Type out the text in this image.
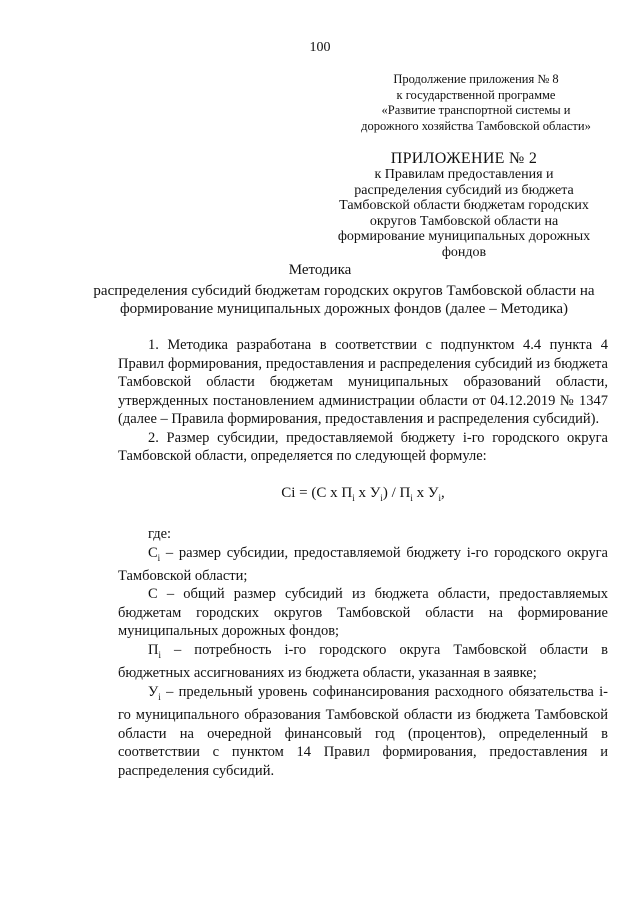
100
Продолжение приложения № 8
к государственной программе
«Развитие транспортной системы и
дорожного хозяйства Тамбовской области»
ПРИЛОЖЕНИЕ № 2
к Правилам предоставления и
распределения субсидий из бюджета
Тамбовской области бюджетам городских
округов Тамбовской области на
формирование муниципальных дорожных
фондов
Методика
распределения субсидий бюджетам городских округов Тамбовской области на
формирование муниципальных дорожных фондов (далее – Методика)

1. Методика разработана в соответствии с подпунктом 4.4 пункта 4 Правил формирования, предоставления и распределения субсидий из бюджета Тамбовской области бюджетам муниципальных образований области, утвержденных постановлением администрации области от 04.12.2019 № 1347 (далее – Правила формирования, предоставления и распределения субсидий).

2. Размер субсидии, предоставляемой бюджету i-го городского округа Тамбовской области, определяется по следующей формуле:

Ci = (C x $П_i$ x $У_i) / П_i$ x $У_i$,

где:

$C_i$ – размер субсидии, предоставляемой бюджету i-го городского округа Тамбовской области;

С – общий размер субсидий из бюджета области, предоставляемых бюджетам городских округов Тамбовской области на формирование муниципальных дорожных фондов;

$П_i$ – потребность i-го городского округа Тамбовской области в бюджетных ассигнованиях из бюджета области, указанная в заявке;

$У_i$ – предельный уровень софинансирования расходного обязательства i-го муниципального образования Тамбовской области из бюджета Тамбовской области на очередной финансовый год (процентов), определенный в соответствии с пунктом 14 Правил формирования, предоставления и распределения субсидий.
